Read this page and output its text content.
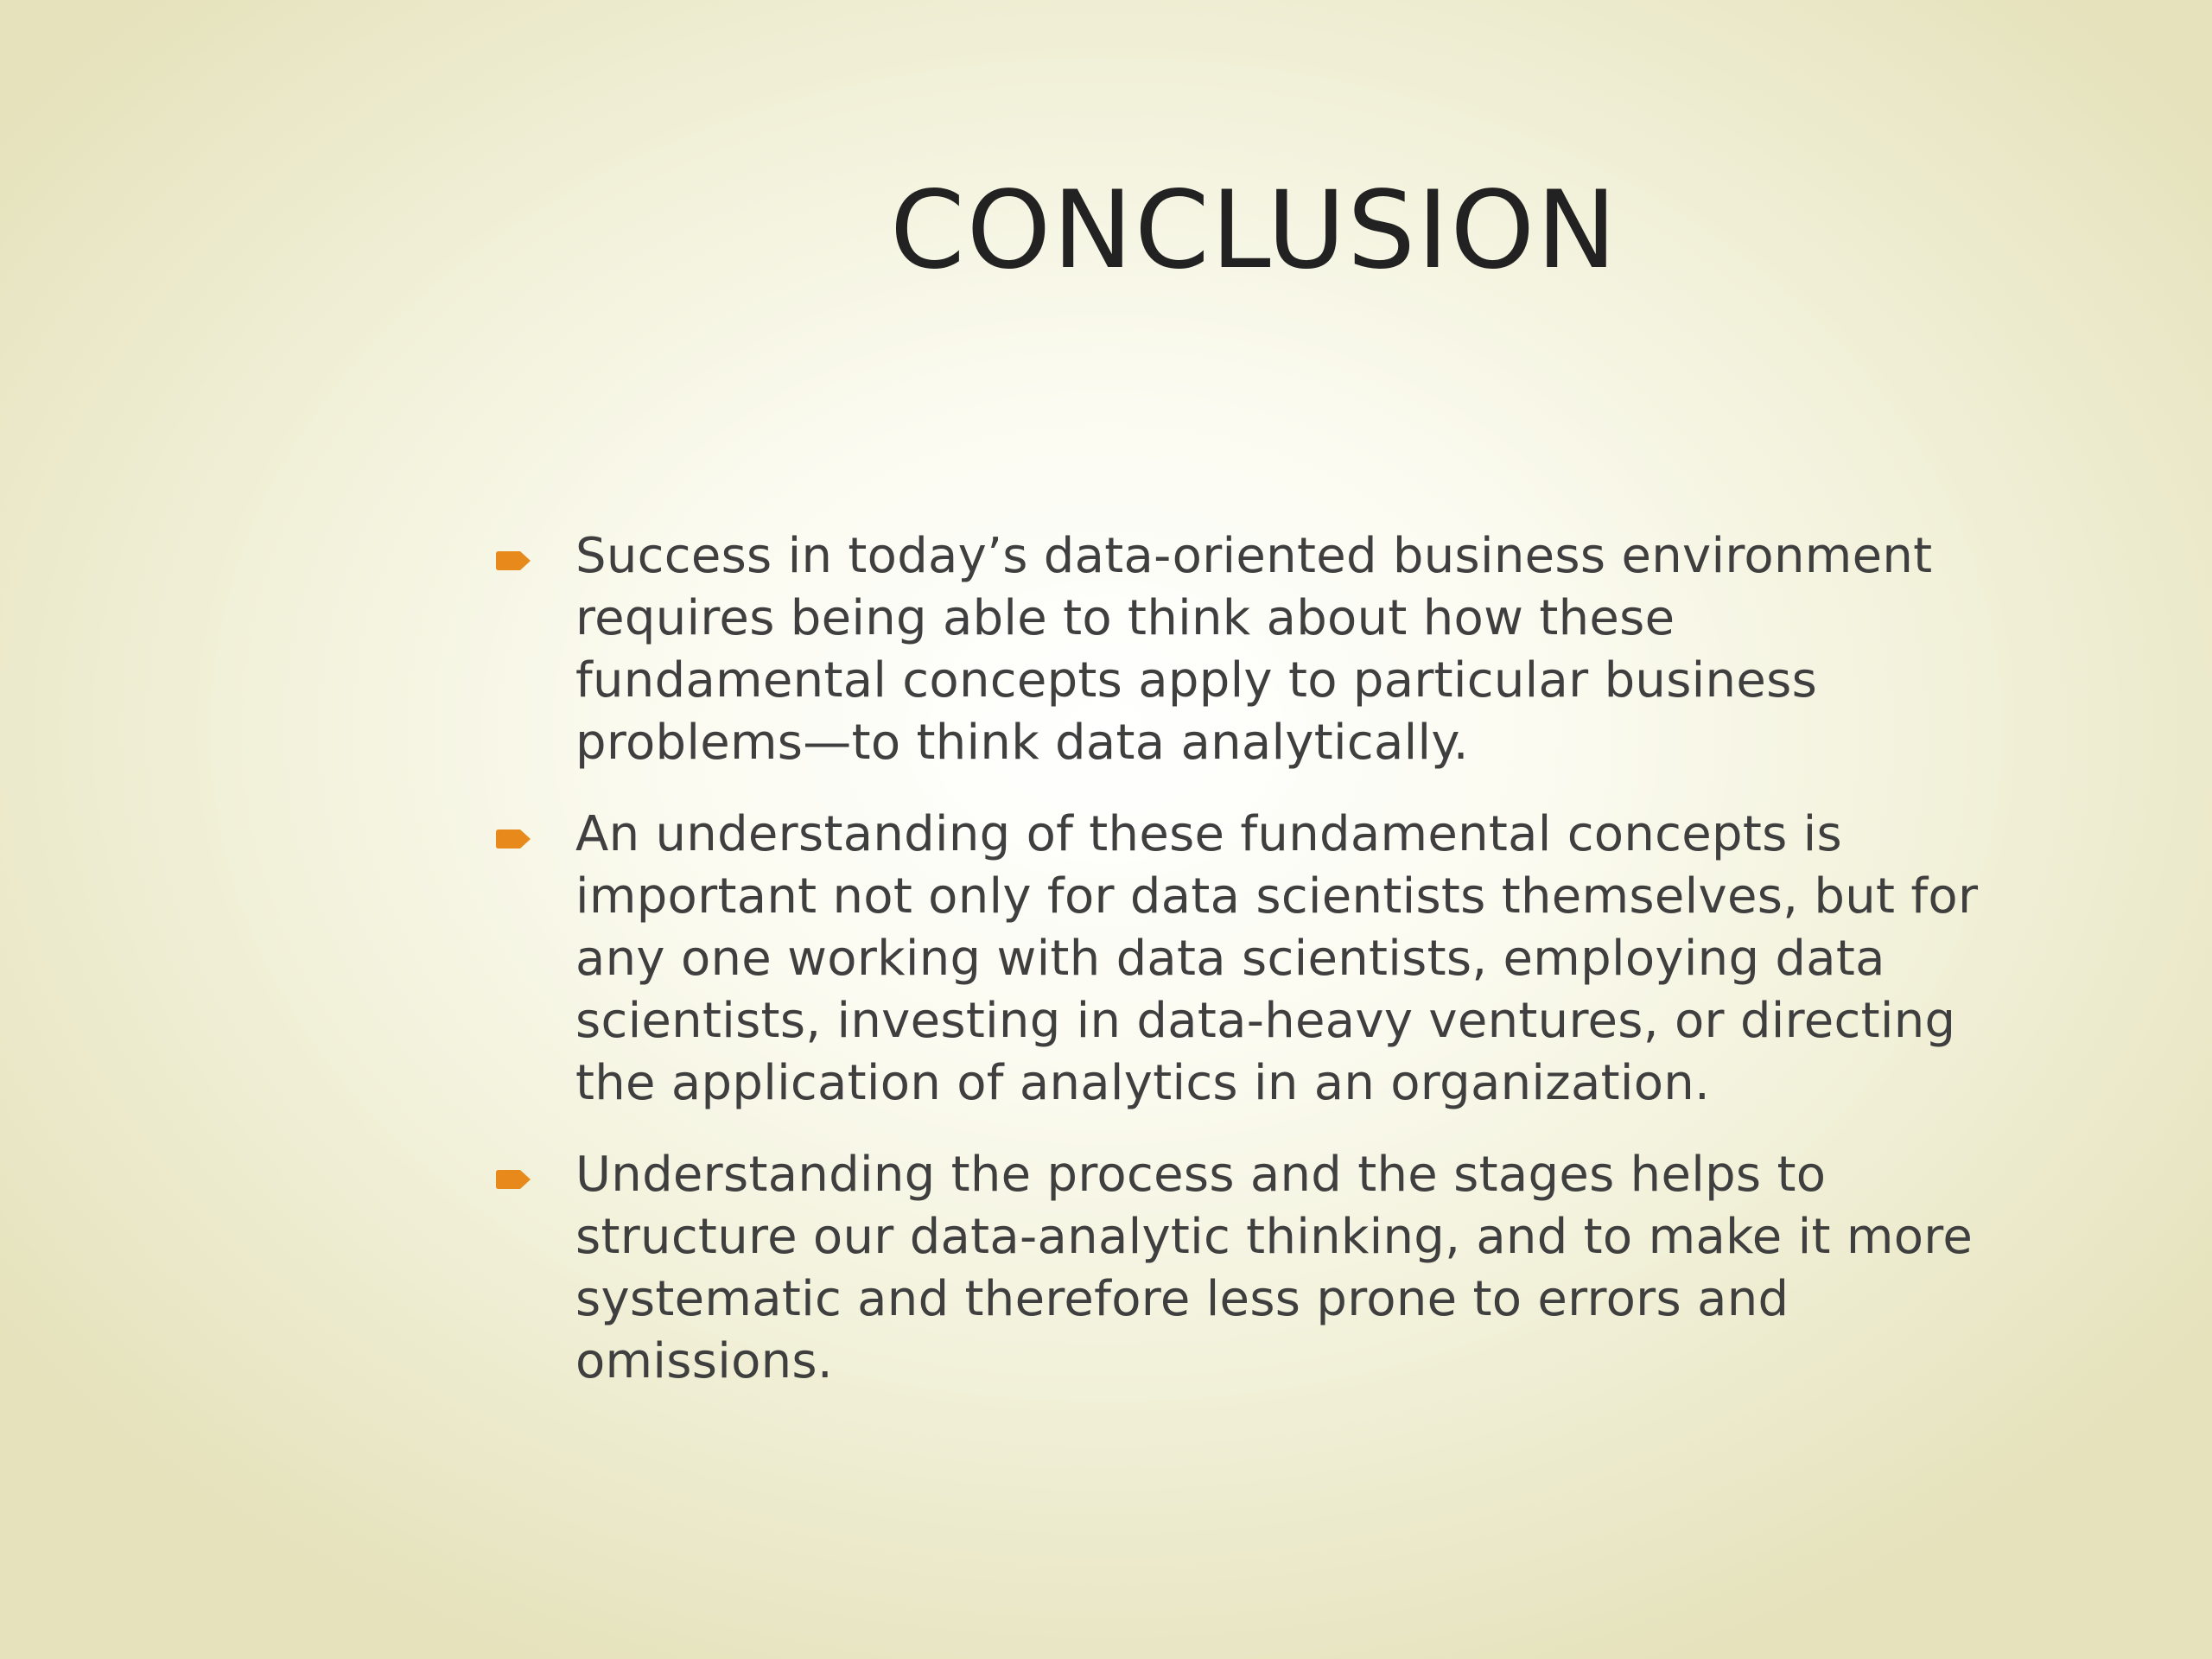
CONCLUSION
Success in today’s data-oriented business environment
requires being able to think about how these
fundamental concepts apply to particular business
problems—to think data analytically.
An understanding of these fundamental concepts is
important not only for data scientists themselves, but for
any one working with data scientists, employing data
scientists, investing in data-heavy ventures, or directing
the application of analytics in an organization.
Understanding the process and the stages helps to
structure our data-analytic thinking, and to make it more
systematic and therefore less prone to errors and
omissions.
